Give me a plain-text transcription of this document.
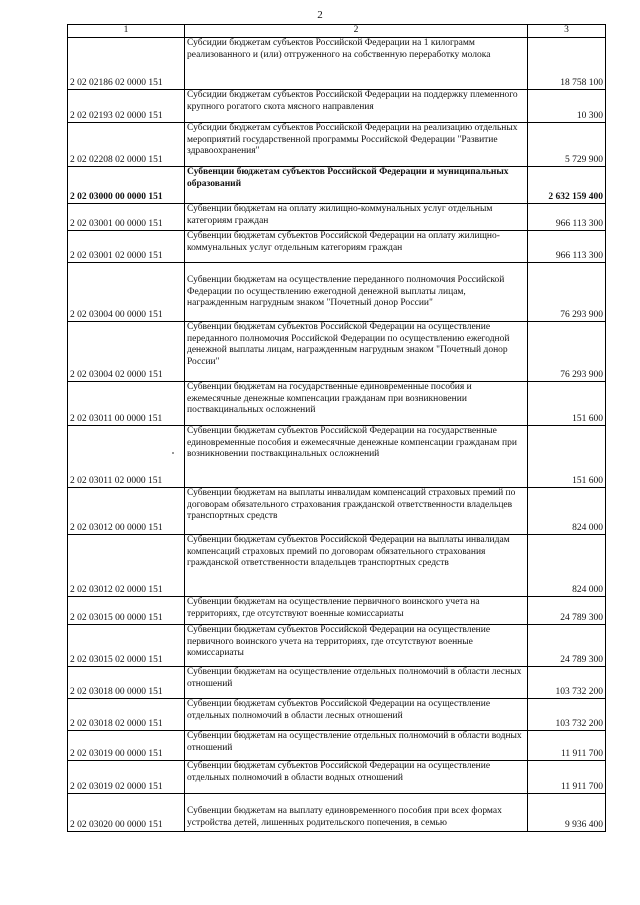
2
1	2	3
2 02 02186 02 0000 151	Субсидии бюджетам субъектов Российской Федерации на 1 килограмм реализованного и (или) отгруженного на собственную переработку молока	18 758 100
2 02 02193 02 0000 151	Субсидии бюджетам субъектов Российской Федерации на поддержку племенного крупного рогатого скота мясного направления	10 300
2 02 02208 02 0000 151	Субсидии бюджетам субъектов Российской Федерации на реализацию отдельных мероприятий государственной программы Российской Федерации "Развитие здравоохранения"	5 729 900
2 02 03000 00 0000 151	Субвенции бюджетам субъектов Российской Федерации и муниципальных образований	2 632 159 400
2 02 03001 00 0000 151	Субвенции бюджетам на оплату жилищно-коммунальных услуг отдельным категориям граждан	966 113 300
2 02 03001 02 0000 151	Субвенции бюджетам субъектов Российской Федерации на оплату жилищно-коммунальных услуг отдельным категориям граждан	966 113 300
2 02 03004 00 0000 151	Субвенции бюджетам на осуществление переданного полномочия Российской Федерации по осуществлению ежегодной денежной выплаты лицам, награжденным нагрудным знаком "Почетный донор России"	76 293 900
2 02 03004 02 0000 151	Субвенции бюджетам субъектов Российской Федерации на осуществление переданного полномочия Российской Федерации по осуществлению ежегодной денежной выплаты лицам, награжденным нагрудным знаком "Почетный донор России"	76 293 900
2 02 03011 00 0000 151	Субвенции бюджетам на государственные единовременные пособия и ежемесячные денежные компенсации гражданам при возникновении поствакцинальных осложнений	151 600
2 02 03011 02 0000 151	Субвенции бюджетам субъектов Российской Федерации на государственные единовременные пособия и ежемесячные денежные компенсации гражданам при возникновении поствакцинальных осложнений	151 600
2 02 03012 00 0000 151	Субвенции бюджетам на выплаты инвалидам компенсаций страховых премий по договорам обязательного страхования гражданской ответственности владельцев транспортных средств	824 000
2 02 03012 02 0000 151	Субвенции бюджетам субъектов Российской Федерации на выплаты инвалидам компенсаций страховых премий по договорам обязательного страхования гражданской ответственности владельцев транспортных средств	824 000
2 02 03015 00 0000 151	Субвенции бюджетам на осуществление первичного воинского учета на территориях, где отсутствуют военные комиссариаты	24 789 300
2 02 03015 02 0000 151	Субвенции бюджетам субъектов Российской Федерации на осуществление первичного воинского учета на территориях, где отсутствуют военные комиссариаты	24 789 300
2 02 03018 00 0000 151	Субвенции бюджетам на осуществление отдельных полномочий в области лесных отношений	103 732 200
2 02 03018 02 0000 151	Субвенции бюджетам субъектов Российской Федерации на осуществление отдельных полномочий в области лесных отношений	103 732 200
2 02 03019 00 0000 151	Субвенции бюджетам на осуществление отдельных полномочий в области водных отношений	11 911 700
2 02 03019 02 0000 151	Субвенции бюджетам субъектов Российской Федерации на осуществление отдельных полномочий в области водных отношений	11 911 700
2 02 03020 00 0000 151	Субвенции бюджетам на выплату единовременного пособия при всех формах устройства детей, лишенных родительского попечения, в семью	9 936 400
